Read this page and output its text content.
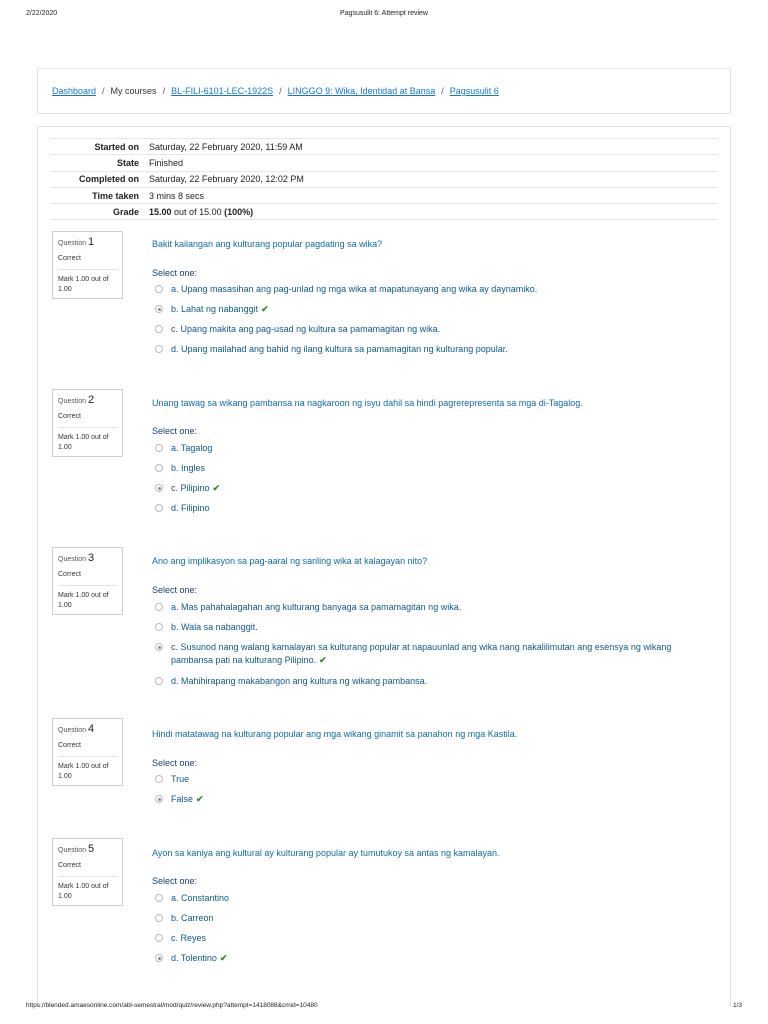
2/22/2020	Pagsusulit 6: Attempt review
Dashboard / My courses / BL-FILI-6101-LEC-1922S / LINGGO 9: Wika, Identidad at Bansa / Pagsusulit 6
Started on	Saturday, 22 February 2020, 11:59 AM
State	Finished
Completed on	Saturday, 22 February 2020, 12:02 PM
Time taken	3 mins 8 secs
Grade	15.00 out of 15.00 (100%)
Question 1
Correct
Mark 1.00 out of 1.00
Bakit kailangan ang kulturang popular pagdating sa wika?
Select one:
a. Upang masasihan ang pag-unlad ng mga wika at mapatunayang ang wika ay daynamiko.
b. Lahat ng nabanggit ✔
c. Upang makita ang pag-usad ng kultura sa pamamagitan ng wika.
d. Upang mailahad ang bahid ng ilang kultura sa pamamagitan ng kulturang popular.
Question 2
Correct
Mark 1.00 out of 1.00
Unang tawag sa wikang pambansa na nagkaroon ng isyu dahil sa hindi pagrerepresenta sa mga di-Tagalog.
Select one:
a. Tagalog
b. Ingles
c. Pilipino ✔
d. Filipino
Question 3
Correct
Mark 1.00 out of 1.00
Ano ang implikasyon sa pag-aaral ng sariling wika at kalagayan nito?
Select one:
a. Mas pahahalagahan ang kulturang banyaga sa pamamagitan ng wika.
b. Wala sa nabanggit.
c. Susunod nang walang kamalayan sa kulturang popular at napauunlad ang wika nang nakalilimutan ang esensya ng wikang pambansa pati na kulturang Pilipino. ✔
d. Mahihirapang makabangon ang kultura ng wikang pambansa.
Question 4
Correct
Mark 1.00 out of 1.00
Hindi matatawag na kulturang popular ang mga wikang ginamit sa panahon ng mga Kastila.
Select one:
True
False ✔
Question 5
Correct
Mark 1.00 out of 1.00
Ayon sa kaniya ang kultural ay kulturang popular ay tumutukoy sa antas ng kamalayan.
Select one:
a. Constantino
b. Carreon
c. Reyes
d. Tolentino ✔
https://blended.amaesonline.com/abl-semestral/mod/quiz/review.php?attempt=1418088&cmid=10480	1/3
